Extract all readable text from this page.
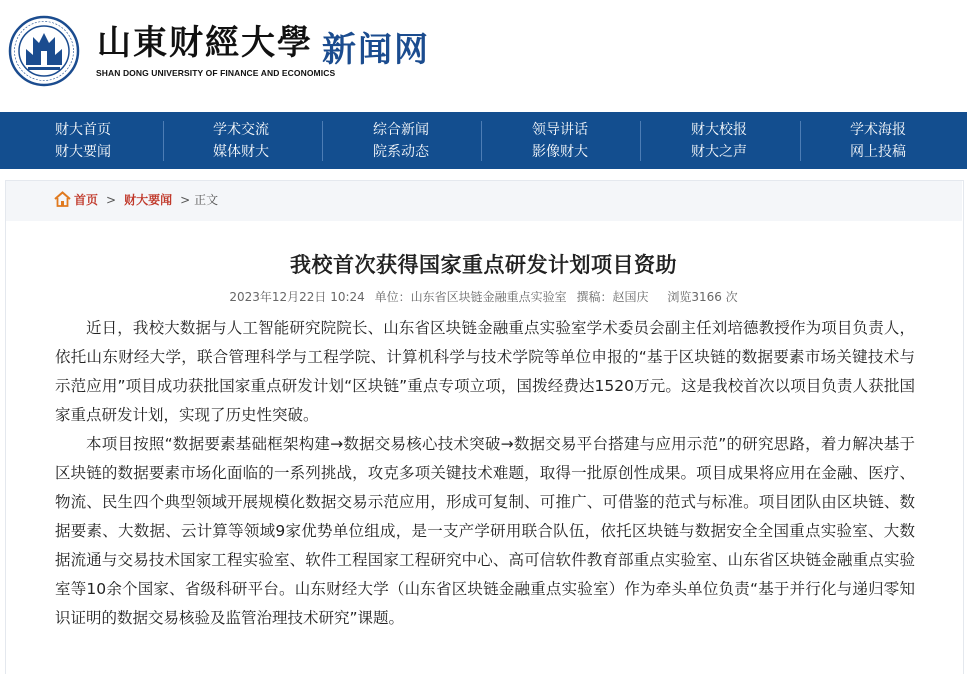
山東财經大學
SHAN DONG UNIVERSITY OF FINANCE AND ECONOMICS
新闻网
财大首页
财大要闻
学术交流
媒体财大
综合新闻
院系动态
领导讲话
影像财大
财大校报
财大之声
学术海报
网上投稿
首页 > 财大要闻 > 正文
我校首次获得国家重点研发计划项目资助
2023年12月22日 10:24 单位：山东省区块链金融重点实验室 撰稿：赵国庆 浏览3166 次

近日，我校大数据与人工智能研究院院长、山东省区块链金融重点实验室学术委员会副主任刘培德教授作为项目负责人，依托山东财经大学，联合管理科学与工程学院、计算机科学与技术学院等单位申报的“基于区块链的数据要素市场关键技术与示范应用”项目成功获批国家重点研发计划“区块链”重点专项立项，国拨经费达1520万元。这是我校首次以项目负责人获批国家重点研发计划，实现了历史性突破。

本项目按照“数据要素基础框架构建→数据交易核心技术突破→数据交易平台搭建与应用示范”的研究思路，着力解决基于区块链的数据要素市场化面临的一系列挑战，攻克多项关键技术难题，取得一批原创性成果。项目成果将应用在金融、医疗、物流、民生四个典型领域开展规模化数据交易示范应用，形成可复制、可推广、可借鉴的范式与标准。项目团队由区块链、数据要素、大数据、云计算等领域9家优势单位组成，是一支产学研用联合队伍，依托区块链与数据安全全国重点实验室、大数据流通与交易技术国家工程实验室、软件工程国家工程研究中心、高可信软件教育部重点实验室、山东省区块链金融重点实验室等10余个国家、省级科研平台。山东财经大学（山东省区块链金融重点实验室）作为牵头单位负责“基于并行化与递归零知识证明的数据交易核验及监管治理技术研究”课题。
